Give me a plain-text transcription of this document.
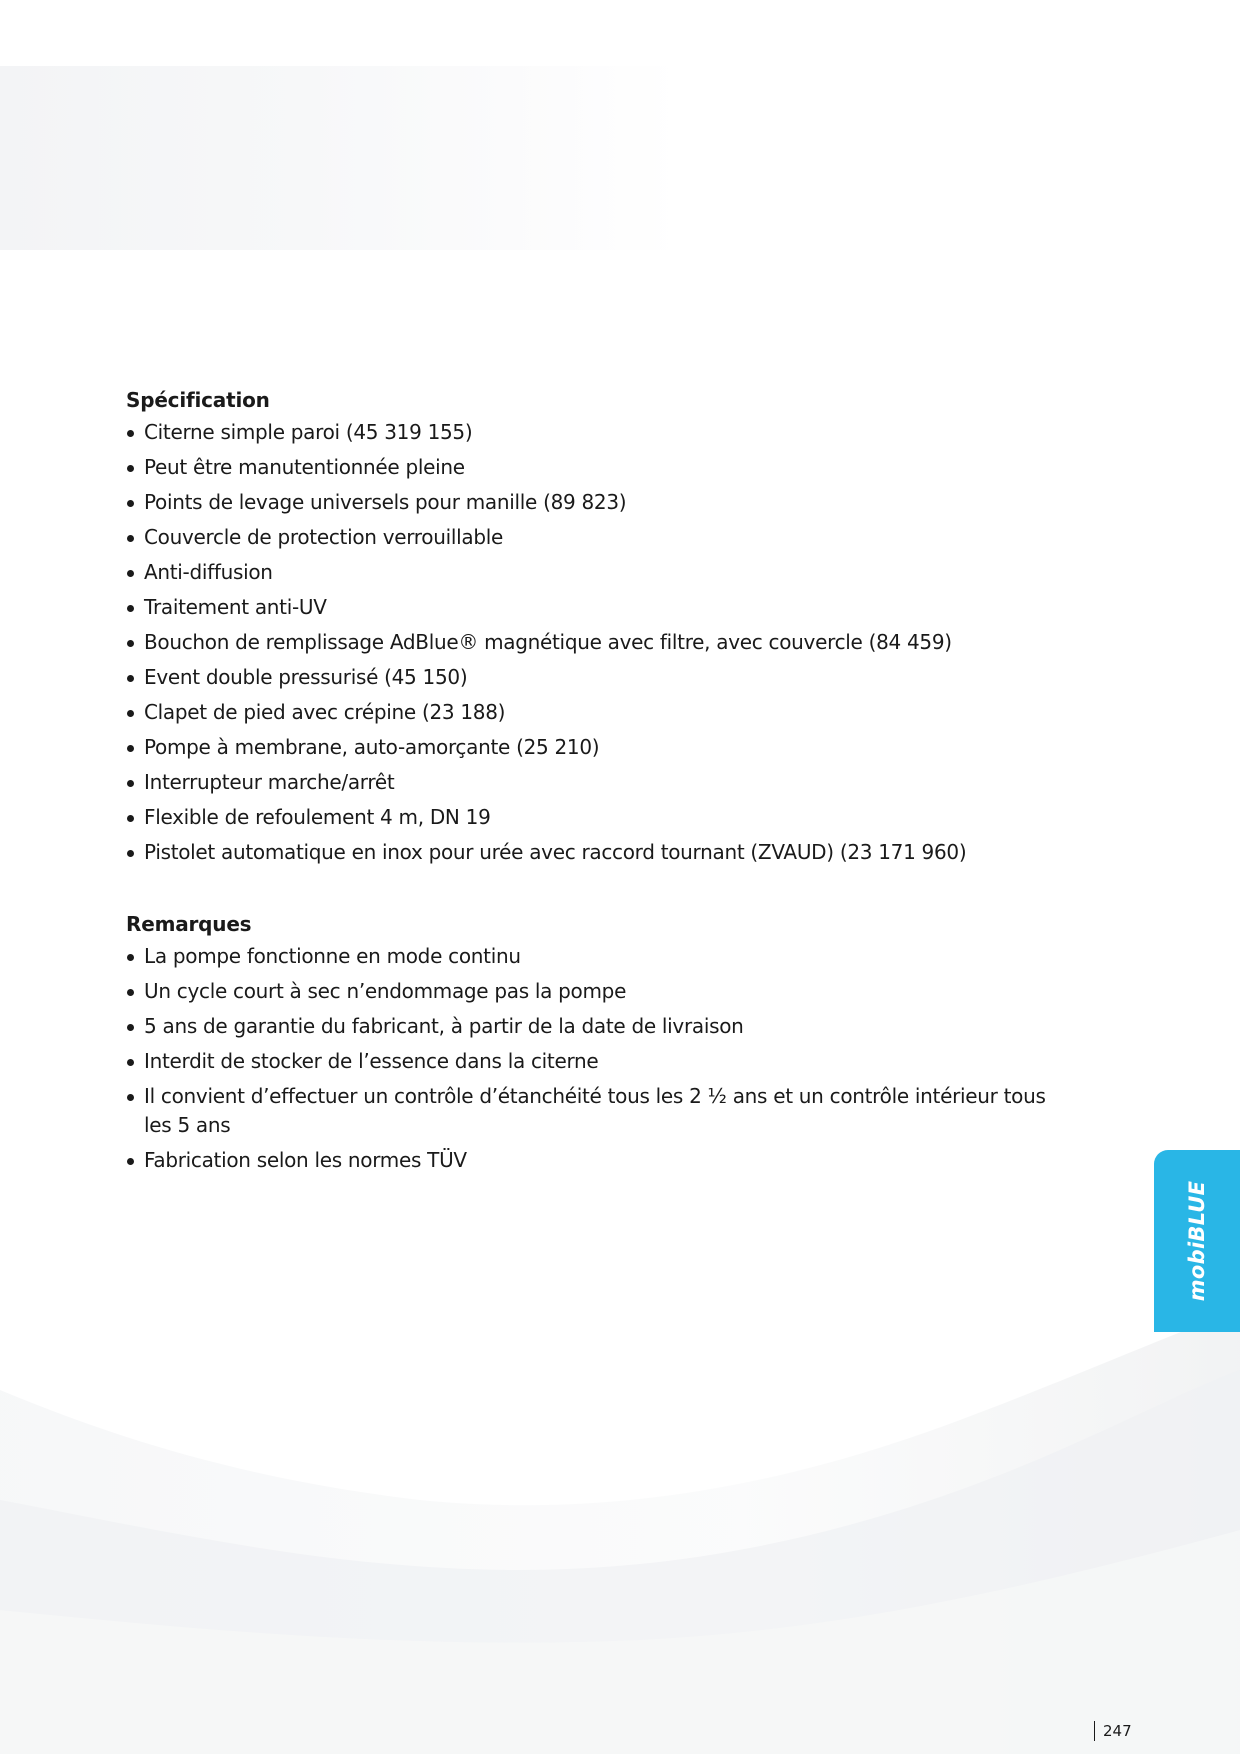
Spécification
Citerne simple paroi (45 319 155)
Peut être manutentionnée pleine
Points de levage universels pour manille (89 823)
Couvercle de protection verrouillable
Anti-diffusion
Traitement anti-UV
Bouchon de remplissage AdBlue® magnétique avec filtre, avec couvercle (84 459)
Event double pressurisé (45 150)
Clapet de pied avec crépine (23 188)
Pompe à membrane, auto-amorçante (25 210)
Interrupteur marche/arrêt
Flexible de refoulement 4 m, DN 19
Pistolet automatique en inox pour urée avec raccord tournant (ZVAUD) (23 171 960)
Remarques
La pompe fonctionne en mode continu
Un cycle court à sec n’endommage pas la pompe
5 ans de garantie du fabricant, à partir de la date de livraison
Interdit de stocker de l’essence dans la citerne
Il convient d’effectuer un contrôle d’étanchéité tous les 2 ½ ans et un contrôle intérieur tous les 5 ans
Fabrication selon les normes TÜV
mobiBLUE
247
